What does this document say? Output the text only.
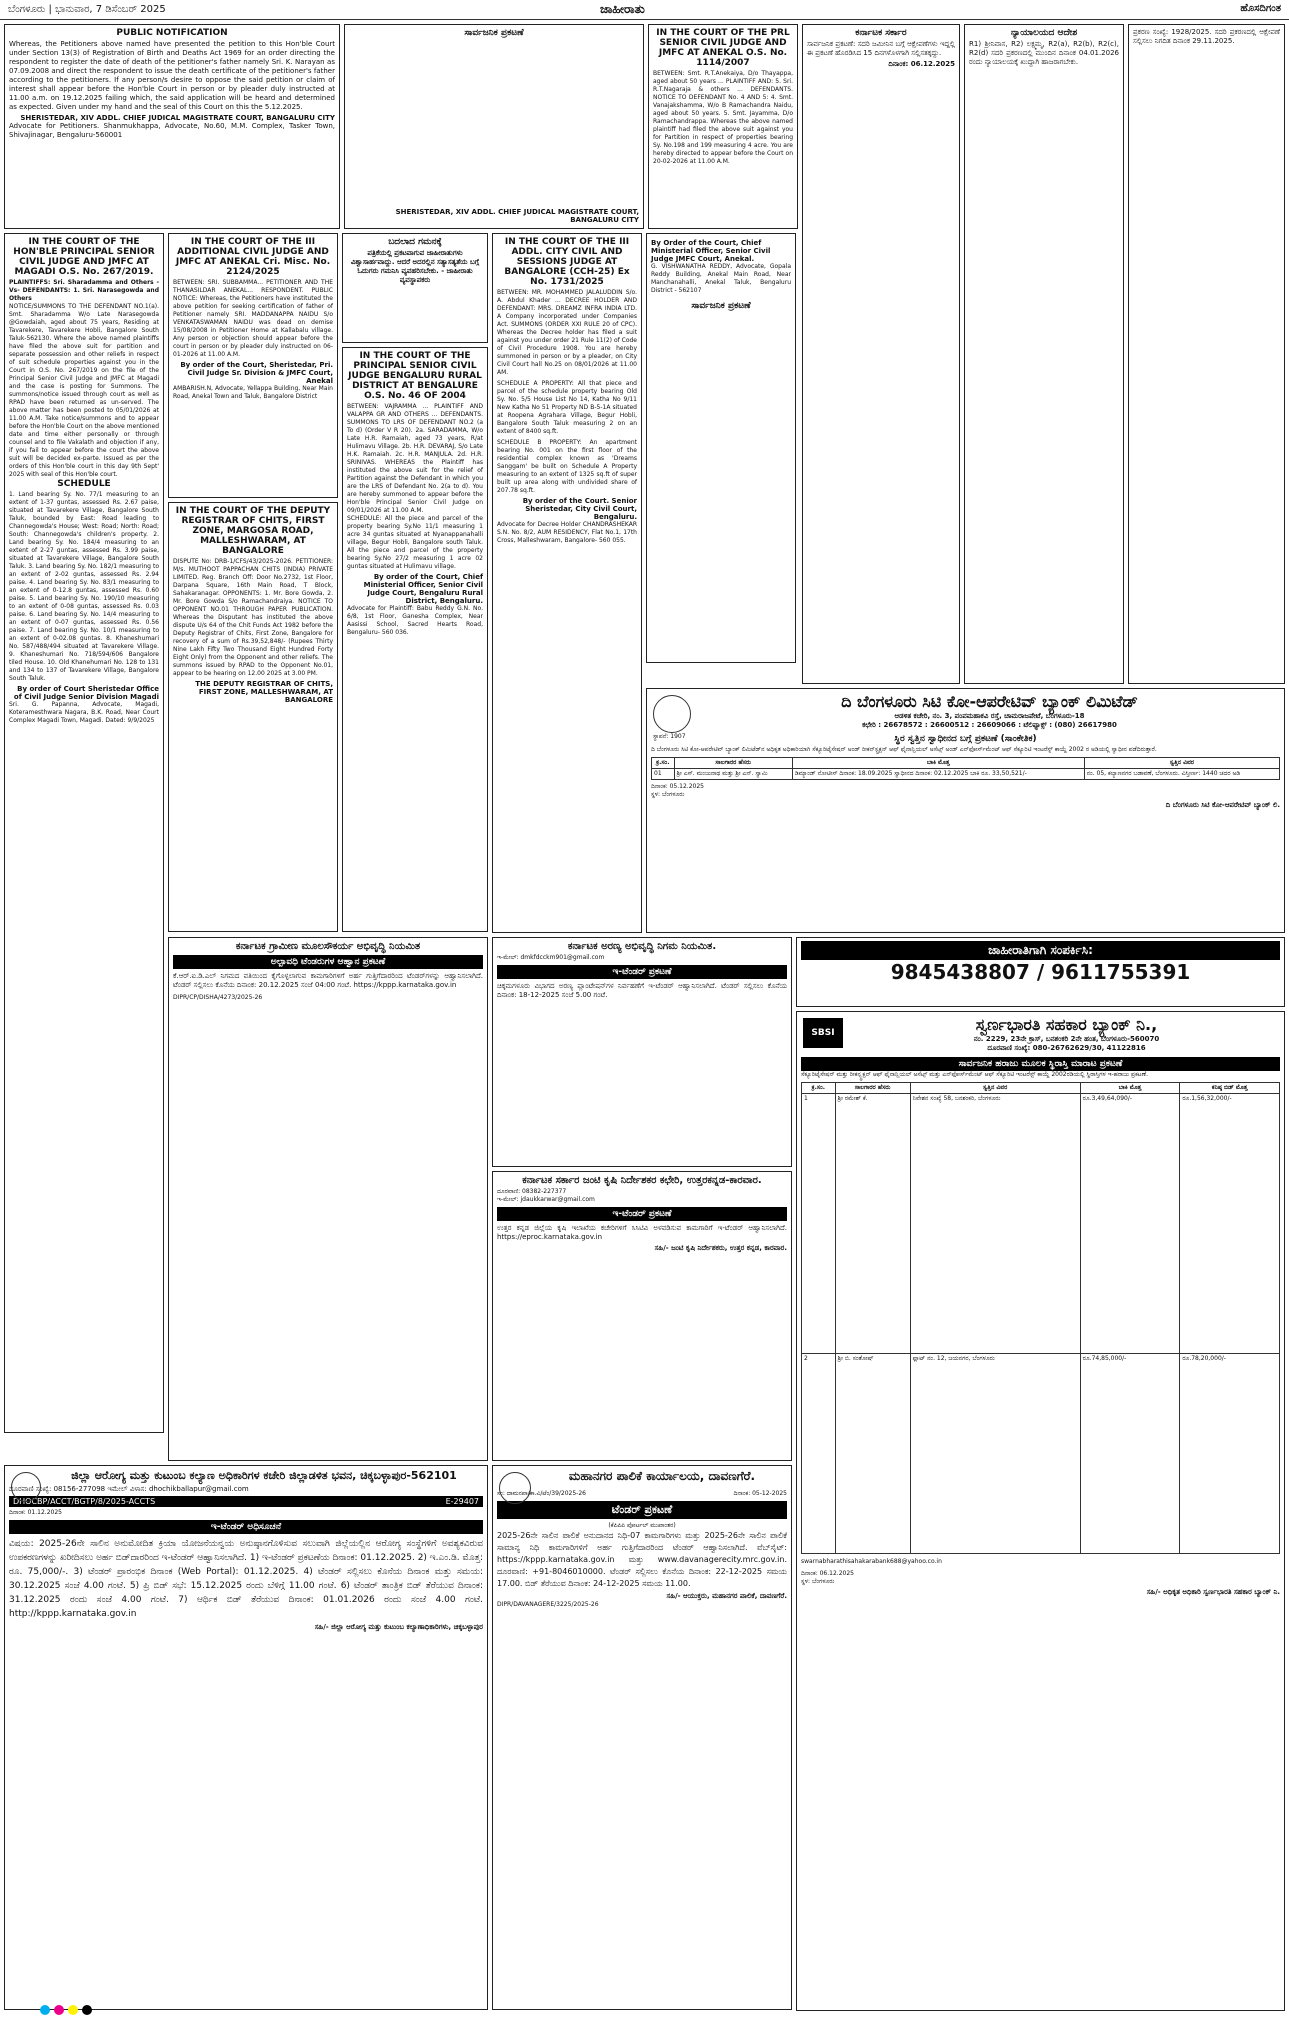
ಬೆಂಗಳೂರು | ಭಾನುವಾರ, 7 ಡಿಸೆಂಬರ್ 2025	ಜಾಹೀರಾತು	ಹೊಸದಿಗಂತ
PUBLIC NOTIFICATION
Whereas, the Petitioners above named have presented the petition to this Hon'ble Court under Section 13(3) of Registration of Birth and Deaths Act 1969 for an order directing the respondent to register the date of death of the petitioner's father namely Sri. K. Narayan as 07.09.2008 and direct the respondent to issue the death certificate of the petitioner's father according to the petitioners. If any person/s desire to oppose the said petition or claim of interest shall appear before the Hon'ble Court in person or by pleader duly instructed at 11.00 a.m. on 19.12.2025 failing which, the said application will be heard and determined as expected. Given under my hand and the seal of this Court on this the 5.12.2025.
SHERISTEDAR, XIV ADDL. CHIEF JUDICAL MAGISTRATE COURT, BANGALURU CITY
Advocate for Petitioners. Shanmukhappa, Advocate, No.60, M.M. Complex, Tasker Town, Shivajinagar, Bengaluru-560001
IN THE COURT OF THE HON'BLE PRINCIPAL SENIOR CIVIL JUDGE AND JMFC AT MAGADI O.S. No. 267/2019.
PLAINTIFFS: Sri. Sharadamma and Others -Vs- DEFENDANTS: 1. Sri. Narasegowda and Others
NOTICE/SUMMONS TO THE DEFENDANT NO.1(a). Smt. Sharadamma W/o Late Narasegowda @Gowdaiah, aged about 75 years, Residing at Tavarekere, Tavarekere Hobli, Bangalore South Taluk-562130. Where the above named plaintiffs have filed the above suit for partition and separate possession and other reliefs in respect of suit schedule properties against you in the Court in O.S. No. 267/2019 on the file of the Principal Senior Civil Judge and JMFC at Magadi and the case is posting for Summons. The summons/notice issued through court as well as RPAD have been returned as un-served. The above matter has been posted to 05/01/2026 at 11.00 A.M. Take notice/summons and to appear before the Hon'ble Court on the above mentioned date and time either personally or through counsel and to file Vakalath and objection if any, if you fail to appear before the court the above suit will be decided ex-parte. Issued as per the orders of this Hon'ble court in this day 9th Sept' 2025 with seal of this Hon'ble court.
SCHEDULE
1. Land bearing Sy. No. 77/1 measuring to an extent of 1-37 guntas, assessed Rs. 2.67 paise, situated at Tavarekere Village, Bangalore South Taluk, bounded by East: Road leading to Channegowda's House; West: Road; North: Road; South: Channegowda's children's property. 2. Land bearing Sy. No. 184/4 measuring to an extent of 2-27 guntas, assessed Rs. 3.99 paise, situated at Tavarekere Village, Bangalore South Taluk. 3. Land bearing Sy. No. 182/1 measuring to an extent of 2-02 guntas, assessed Rs. 2.94 paise. 4. Land bearing Sy. No. 83/1 measuring to an extent of 0-12.8 guntas, assessed Rs. 0.60 paise. 5. Land bearing Sy. No. 190/10 measuring to an extent of 0-08 guntas, assessed Rs. 0.03 paise. 6. Land bearing Sy. No. 14/4 measuring to an extent of 0-07 guntas, assessed Rs. 0.56 paise. 7. Land bearing Sy. No. 10/1 measuring to an extent of 0-02.08 guntas. 8. Khaneshumari No. 587/488/494 situated at Tavarekere Village. 9. Khaneshumari No. 718/594/606 Bangalore tiled House. 10. Old Khanehumari No. 128 to 131 and 134 to 137 of Tavarekere Village, Bangalore South Taluk.
By order of Court Sheristedar Office of Civil Judge Senior Division Magadi
Sri. G. Papanna, Advocate, Magadi, Koteramesthwara Nagara, B.K. Road, Near Court Complex Magadi Town, Magadi. Dated: 9/9/2025
ಸಾರ್ವಜನಿಕ ಪ್ರಕಟಣೆ
SHERISTEDAR, XIV ADDL. CHIEF JUDICAL MAGISTRATE COURT, BANGALURU CITY
IN THE COURT OF THE III ADDITIONAL CIVIL JUDGE AND JMFC AT ANEKAL Cri. Misc. No. 2124/2025
BETWEEN: SRI. SUBBAMMA... PETITIONER AND THE THANASILDAR ANEKAL... RESPONDENT. PUBLIC NOTICE: Whereas, the Petitioners have instituted the above petition for seeking certification of father of Petitioner namely SRI. MADDANAPPA NAIDU S/o VENKATASWAMAN NAIDU was dead on demise 15/08/2008 in Petitioner Home at Kallabalu village. Any person or objection should appear before the court in person or by pleader duly instructed on 06-01-2026 at 11.00 A.M.
By order of the Court, Sheristedar, Pri. Civil Judge Sr. Division & JMFC Court, Anekal
AMBARISH.N, Advocate, Yellappa Building, Near Main Road, Anekal Town and Taluk, Bangalore District
ಬದಲಾದ ಗಮನಕ್ಕೆ
ಪತ್ರಿಕೆಯಲ್ಲಿ ಪ್ರಕಟವಾಗುವ ಜಾಹೀರಾತುಗಳು ವಿಶ್ವಾಸಾರ್ಹವಾದ್ದು. ಆದರೆ ಅದರಲ್ಲಿನ ಸತ್ಯಾಸತ್ಯತೆಯ ಬಗ್ಗೆ ಓದುಗರು ಗಮನಿಸಿ ವ್ಯವಹರಿಸಬೇಕು. - ಜಾಹೀರಾತು ವ್ಯವಸ್ಥಾಪಕರು
IN THE COURT OF THE DEPUTY REGISTRAR OF CHITS, FIRST ZONE, MARGOSA ROAD, MALLESHWARAM, AT BANGALORE
DISPUTE No: DRB-1/CFS/43/2025-2026. PETITIONER: M/s. MUTHOOT PAPPACHAN CHITS (INDIA) PRIVATE LIMITED. Reg. Branch Off: Door No.2732, 1st Floor, Darpana Square, 16th Main Road, T Block, Sahakaranagar. OPPONENTS: 1. Mr. Bore Gowda, 2. Mr. Bore Gowda S/o Ramachandraiya. NOTICE TO OPPONENT NO.01 THROUGH PAPER PUBLICATION. Whereas the Disputant has instituted the above dispute U/s 64 of the Chit Funds Act 1982 before the Deputy Registrar of Chits, First Zone, Bangalore for recovery of a sum of Rs.39,52,848/- (Rupees Thirty Nine Lakh Fifty Two Thousand Eight Hundred Forty Eight Only) from the Opponent and other reliefs. The summons issued by RPAD to the Opponent No.01, appear to be hearing on 12.00 2025 at 3.00 PM.
THE DEPUTY REGISTRAR OF CHITS, FIRST ZONE, MALLESHWARAM, AT BANGALORE
IN THE COURT OF THE PRINCIPAL SENIOR CIVIL JUDGE BENGALURU RURAL DISTRICT AT BENGALURE O.S. No. 46 OF 2004
BETWEEN: VAJRAMMA ... PLAINTIFF AND VALAPPA GR AND OTHERS ... DEFENDANTS. SUMMONS TO LRS OF DEFENDANT NO.2 (a To d) (Order V R 20). 2a. SARADAMMA, W/o Late H.R. Ramaiah, aged 73 years, R/at Hulimavu Village. 2b. H.R. DEVARAJ, S/o Late H.K. Ramaiah. 2c. H.R. MANJULA. 2d. H.R. SRINIVAS. WHEREAS the Plaintiff has instituted the above suit for the relief of Partition against the Defendant in which you are the LRS of Defendant No. 2(a to d). You are hereby summoned to appear before the Hon'ble Principal Senior Civil Judge on 09/01/2026 at 11.00 A.M.
SCHEDULE: All the piece and parcel of the property bearing Sy.No 11/1 measuring 1 acre 34 guntas situated at Nyanappanahalli village, Begur Hobli, Bangalore south Taluk. All the piece and parcel of the property bearing Sy.No 27/2 measuring 1 acre 02 guntas situated at Hulimavu village.
By order of the Court, Chief Ministerial Officer, Senior Civil Judge Court, Bengaluru Rural District, Bengaluru.
Advocate for Plaintiff: Babu Reddy G.N. No. 6/8, 1st Floor, Ganesha Complex, Near Aasissi School, Sacred Hearts Road, Bengaluru- 560 036.
IN THE COURT OF THE PRL SENIOR CIVIL JUDGE AND JMFC AT ANEKAL O.S. No. 1114/2007
BETWEEN: Smt. R.T.Anekaiya, D/o Thayappa, aged about 50 years ... PLAINTIFF AND: 5. Sri. R.T.Nagaraja & others ... DEFENDANTS. NOTICE TO DEFENDANT No. 4 AND 5: 4. Smt. Vanajakshamma, W/o B Ramachandra Naidu, aged about 50 years. 5. Smt. Jayamma, D/o Ramachandrappa. Whereas the above named plaintiff had filed the above suit against you for Partition in respect of properties bearing Sy. No.198 and 199 measuring 4 acre. You are hereby directed to appear before the Court on 20-02-2026 at 11.00 A.M.
IN THE COURT OF THE III ADDL. CITY CIVIL AND SESSIONS JUDGE AT BANGALORE (CCH-25) Ex No. 1731/2025
BETWEEN: MR. MOHAMMED JALALUDDIN S/o. A. Abdul Khader ... DECREE HOLDER AND DEFENDANT: MRS. DREAMZ INFRA INDIA LTD. A Company incorporated under Companies Act. SUMMONS (ORDER XXI RULE 20 of CPC). Whereas the Decree holder has filed a suit against you under order 21 Rule 11(2) of Code of Civil Procedure 1908. You are hereby summoned in person or by a pleader, on City Civil Court hall No.25 on 08/01/2026 at 11.00 AM.
SCHEDULE A PROPERTY: All that piece and parcel of the schedule property bearing Old Sy. No. 5/5 House List No 14, Katha No 9/11 New Katha No 51 Property ND B-5-1A situated at Roopena Agrahara Village, Begur Hobli, Bangalore South Taluk measuring 2 on an extent of 8400 sq.ft.
SCHEDULE B PROPERTY: An apartment bearing No. 001 on the first floor of the residential complex known as 'Dreams Sanggam' be built on Schedule A Property measuring to an extent of 1325 sq.ft of super built up area along with undivided share of 207.78 sq.ft.
By order of the Court. Senior Sheristedar, City Civil Court, Bengaluru.
Advocate for Decree Holder CHANDRASHEKAR S.N. No. 8/2, AUM RESIDENCY, Flat No.1, 17th Cross, Malleshwaram, Bangalore- 560 055.
By Order of the Court, Chief Ministerial Officer, Senior Civil Judge JMFC Court, Anekal.
G. VISHWANATHA REDDY, Advocate, Gopala Reddy Building, Anekal Main Road, Near Manchanahalli, Anekal Taluk, Bengaluru District - 562107
ಸಾರ್ವಜನಿಕ ಪ್ರಕಟಣೆ
ಕರ್ನಾಟಕ ಸರ್ಕಾರ
ಸಾರ್ವಜನಿಕ ಪ್ರಕಟಣೆ: ಸದರಿ ಜಮೀನಿನ ಬಗ್ಗೆ ಆಕ್ಷೇಪಣೆಗಳು ಇದ್ದಲ್ಲಿ ಈ ಪ್ರಕಟಣೆ ಹೊರಡಿಸಿದ 15 ದಿನಗಳೊಳಗಾಗಿ ಸಲ್ಲಿಸತಕ್ಕದ್ದು.
ದಿನಾಂಕ: 06.12.2025
ನ್ಯಾಯಾಲಯದ ಆದೇಶ
R1) ಶ್ರೀನಿವಾಸ, R2) ಲಕ್ಷ್ಮಮ್ಮ, R2(a), R2(b), R2(c), R2(d) ಸದರಿ ಪ್ರಕರಣದಲ್ಲಿ ಮುಂದಿನ ದಿನಾಂಕ 04.01.2026 ರಂದು ನ್ಯಾಯಾಲಯಕ್ಕೆ ಖುದ್ದಾಗಿ ಹಾಜರಾಗಬೇಕು.
ಪ್ರಕರಣ ಸಂಖ್ಯೆ: 1928/2025. ಸದರಿ ಪ್ರಕರಣದಲ್ಲಿ ಆಕ್ಷೇಪಣೆ ಸಲ್ಲಿಸಲು ನಿಗದಿತ ದಿನಾಂಕ 29.11.2025.
ಸ್ಥಾಪನೆ: 1907
ದಿ ಬೆಂಗಳೂರು ಸಿಟಿ ಕೋ-ಆಪರೇಟಿವ್ ಬ್ಯಾಂಕ್ ಲಿಮಿಟೆಡ್
ಆಡಳಿತ ಕಚೇರಿ, ನಂ. 3, ಪಂಪಮಹಾಕವಿ ರಸ್ತೆ, ಚಾಮರಾಜಪೇಟೆ, ಬೆಂಗಳೂರು-18
ಕಛೇರಿ : 26678572 : 26600512 : 26609066 : ಟೆಲಿಫ್ಯಾಕ್ಸ್ : (080) 26617980
ಸ್ಥಿರ ಸ್ವತ್ತಿನ ಸ್ವಾಧೀನದ ಬಗ್ಗೆ ಪ್ರಕಟಣೆ (ಸಾಂಕೇತಿಕ)
ದಿ ಬೆಂಗಳೂರು ಸಿಟಿ ಕೋ-ಆಪರೇಟಿವ್ ಬ್ಯಾಂಕ್ ಲಿಮಿಟೆಡ್‌ನ ಅಧಿಕೃತ ಅಧಿಕಾರಿಯಾಗಿ ಸೆಕ್ಯೂರಿಟೈಸೇಷನ್ ಅಂಡ್ ರೀಕನ್‌ಸ್ಟ್ರಕ್ಷನ್ ಆಫ್ ಫೈನಾನ್ಷಿಯಲ್ ಅಸೆಟ್ಸ್ ಅಂಡ್ ಎನ್‌ಫೋರ್ಸ್‌ಮೆಂಟ್ ಆಫ್ ಸೆಕ್ಯೂರಿಟಿ ಇಂಟರೆಸ್ಟ್ ಕಾಯ್ದೆ 2002 ರ ಅಡಿಯಲ್ಲಿ ಸ್ವಾಧೀನ ಪಡೆದಿರುತ್ತಾರೆ.
ಕ್ರ.ಸಂ.	ಸಾಲಗಾರರ ಹೆಸರು	ಬಾಕಿ ಮೊತ್ತ	ಸ್ವತ್ತಿನ ವಿವರ
01	ಶ್ರೀ ಎಸ್. ಮಂಜುನಾಥ ಮತ್ತು ಶ್ರೀ ಎನ್. ಸ್ವಾಮಿ	ಡಿಮ್ಯಾಂಡ್ ನೋಟೀಸ್ ದಿನಾಂಕ: 18.09.2025 ಸ್ವಾಧೀನದ ದಿನಾಂಕ: 02.12.2025 ಬಾಕಿ ರೂ. 33,50,521/-	ನಂ. 05, ಕಲ್ಯಾಣನಗರ ಬಡಾವಣೆ, ಬೆಂಗಳೂರು. ವಿಸ್ತೀರ್ಣ: 1440 ಚದರ ಅಡಿ
ದಿನಾಂಕ: 05.12.2025
ಸ್ಥಳ: ಬೆಂಗಳೂರು
ದಿ ಬೆಂಗಳೂರು ಸಿಟಿ ಕೋ-ಆಪರೇಟಿವ್ ಬ್ಯಾಂಕ್ ಲಿ.
ಕರ್ನಾಟಕ ಅರಣ್ಯ ಅಭಿವೃದ್ಧಿ ನಿಗಮ ನಿಯಮಿತ.
ಇ-ಮೇಲ್: dmkfdcckm901@gmail.com
ಇ-ಟೆಂಡರ್ ಪ್ರಕಟಣೆ
ಚಿಕ್ಕಮಗಳೂರು ವಿಭಾಗದ ಅರಣ್ಯ ಪ್ಲಾಂಟೇಷನ್‌ಗಳ ನಿರ್ವಹಣೆಗೆ ಇ-ಟೆಂಡರ್ ಆಹ್ವಾನಿಸಲಾಗಿದೆ. ಟೆಂಡರ್ ಸಲ್ಲಿಸಲು ಕೊನೆಯ ದಿನಾಂಕ: 18-12-2025 ಸಂಜೆ 5.00 ಗಂಟೆ.
ಕರ್ನಾಟಕ ಸರ್ಕಾರ ಜಂಟಿ ಕೃಷಿ ನಿರ್ದೇಶಕರ ಕಛೇರಿ, ಉತ್ತರಕನ್ನಡ-ಕಾರವಾರ.
ದೂರವಾಣಿ: 08382-227377
ಇ-ಮೇಲ್: jdaukkarwar@gmail.com
ಇ-ಟೆಂಡರ್ ಪ್ರಕಟಣೆ
ಉತ್ತರ ಕನ್ನಡ ಜಿಲ್ಲೆಯ ಕೃಷಿ ಇಲಾಖೆಯ ಕಚೇರಿಗಳಿಗೆ ಸಿಸಿಟಿವಿ ಅಳವಡಿಸುವ ಕಾಮಗಾರಿಗೆ ಇ-ಟೆಂಡರ್ ಆಹ್ವಾನಿಸಲಾಗಿದೆ. https://eproc.karnataka.gov.in
ಸಹಿ/- ಜಂಟಿ ಕೃಷಿ ನಿರ್ದೇಶಕರು, ಉತ್ತರ ಕನ್ನಡ, ಕಾರವಾರ.
ಕರ್ನಾಟಕ ಗ್ರಾಮೀಣ ಮೂಲಸೌಕರ್ಯ ಅಭಿವೃದ್ಧಿ ನಿಯಮಿತ
ಅಲ್ಪಾವಧಿ ಟೆಂಡರುಗಳ ಆಹ್ವಾನ ಪ್ರಕಟಣೆ
ಕೆ.ಆರ್.ಐ.ಡಿ.ಎಲ್ ನಿಗಮದ ವತಿಯಿಂದ ಕೈಗೊಳ್ಳಲಾಗುವ ಕಾಮಗಾರಿಗಳಿಗೆ ಅರ್ಹ ಗುತ್ತಿಗೆದಾರರಿಂದ ಟೆಂಡರ್‌ಗಳನ್ನು ಆಹ್ವಾನಿಸಲಾಗಿದೆ. ಟೆಂಡರ್ ಸಲ್ಲಿಸಲು ಕೊನೆಯ ದಿನಾಂಕ: 20.12.2025 ಸಂಜೆ 04:00 ಗಂಟೆ. https://kppp.karnataka.gov.in
DIPR/CP/DISHA/4273/2025-26
ಜಾಹೀರಾತಿಗಾಗಿ ಸಂಪರ್ಕಿಸಿ:
9845438807 / 9611755391
SBSI	ಸ್ವರ್ಣಭಾರತಿ ಸಹಕಾರ ಬ್ಯಾಂಕ್ ನಿ.,
ನಂ. 2229, 23ನೇ ಕ್ರಾಸ್, ಬನಶಂಕರಿ 2ನೇ ಹಂತ, ಬೆಂಗಳೂರು-560070
ದೂರವಾಣಿ ಸಂಖ್ಯೆ: 080-26762629/30, 41122816
ಸಾರ್ವಜನಿಕ ಹರಾಜು ಮೂಲಕ ಸ್ಥಿರಾಸ್ತಿ ಮಾರಾಟ ಪ್ರಕಟಣೆ
ಸೆಕ್ಯೂರಿಟೈಸೇಷನ್ ಮತ್ತು ರೀಕನ್ಸ್ಟ್ರಕ್ಷನ್ ಆಫ್ ಫೈನಾನ್ಷಿಯಲ್ ಅಸೆಟ್ಸ್ ಮತ್ತು ಎನ್‌ಫೋರ್ಸ್‌ಮೆಂಟ್ ಆಫ್ ಸೆಕ್ಯೂರಿಟಿ ಇಂಟರೆಸ್ಟ್ ಕಾಯ್ದೆ 2002ರಡಿಯಲ್ಲಿ ಸ್ಥಿರಾಸ್ತಿಗಳ ಇ-ಹರಾಜು ಪ್ರಕಟಣೆ.
ಕ್ರ.ಸಂ.	ಸಾಲಗಾರರ ಹೆಸರು	ಸ್ವತ್ತಿನ ವಿವರ	ಬಾಕಿ ಮೊತ್ತ	ಕನಿಷ್ಠ ಬಿಡ್ ಮೊತ್ತ
1	ಶ್ರೀ ರಮೇಶ್ ಕೆ.	ನಿವೇಶನ ಸಂಖ್ಯೆ 58, ಬನಶಂಕರಿ, ಬೆಂಗಳೂರು	ರೂ.3,49,64,090/-	ರೂ.1,56,32,000/-
2	ಶ್ರೀ ಬಿ. ಸಂತೋಷ್	ಫ್ಲಾಟ್ ನಂ. 12, ಜಯನಗರ, ಬೆಂಗಳೂರು	ರೂ.74,85,000/-	ರೂ.78,20,000/-
swarnabharathisahakarabank688@yahoo.co.in
ದಿನಾಂಕ: 06.12.2025
ಸ್ಥಳ: ಬೆಂಗಳೂರು
ಸಹಿ/- ಅಧಿಕೃತ ಅಧಿಕಾರಿ ಸ್ವರ್ಣಭಾರತಿ ಸಹಕಾರ ಬ್ಯಾಂಕ್ ನಿ.
ಜಿಲ್ಲಾ ಆರೋಗ್ಯ ಮತ್ತು ಕುಟುಂಬ ಕಲ್ಯಾಣ ಅಧಿಕಾರಿಗಳ ಕಚೇರಿ ಜಿಲ್ಲಾಡಳಿತ ಭವನ, ಚಿಕ್ಕಬಳ್ಳಾಪುರ-562101
ದೂರವಾಣಿ ಸಂಖ್ಯೆ: 08156-277098 ಇಮೇಲ್ ವಿಳಾಸ: dhochikballapur@gmail.com
DHOCBP/ACCT/BGTP/8/2025-ACCTS	E-29407
ದಿನಾಂಕ: 01.12.2025
ಇ-ಟೆಂಡರ್ ಅಧಿಸೂಚನೆ
ವಿಷಯ: 2025-26ನೇ ಸಾಲಿನ ಅನುಮೋದಿತ ಕ್ರಿಯಾ ಯೋಜನೆಯನ್ವಯ ಅನುಷ್ಠಾನಗೊಳಿಸುವ ಸಲುವಾಗಿ ಜಿಲ್ಲೆಯಲ್ಲಿನ ಆರೋಗ್ಯ ಸಂಸ್ಥೆಗಳಿಗೆ ಅವಶ್ಯಕವಿರುವ ಉಪಕರಣಗಳನ್ನು ಖರೀದಿಸಲು ಅರ್ಹ ಬಿಡ್‌ದಾರರಿಂದ ಇ-ಟೆಂಡರ್ ಆಹ್ವಾನಿಸಲಾಗಿದೆ. 1) ಇ-ಟೆಂಡರ್ ಪ್ರಕಟಣೆಯ ದಿನಾಂಕ: 01.12.2025. 2) ಇ.ಎಂ.ಡಿ. ಮೊತ್ತ: ರೂ. 75,000/-. 3) ಟೆಂಡರ್ ಪ್ರಾರಂಭಿಕ ದಿನಾಂಕ (Web Portal): 01.12.2025. 4) ಟೆಂಡರ್ ಸಲ್ಲಿಸಲು ಕೊನೆಯ ದಿನಾಂಕ ಮತ್ತು ಸಮಯ: 30.12.2025 ಸಂಜೆ 4.00 ಗಂಟೆ. 5) ಪ್ರಿ ಬಿಡ್ ಸಭೆ: 15.12.2025 ರಂದು ಬೆಳಿಗ್ಗೆ 11.00 ಗಂಟೆ. 6) ಟೆಂಡರ್ ತಾಂತ್ರಿಕ ಬಿಡ್ ತೆರೆಯುವ ದಿನಾಂಕ: 31.12.2025 ರಂದು ಸಂಜೆ 4.00 ಗಂಟೆ. 7) ಆರ್ಥಿಕ ಬಿಡ್ ತೆರೆಯುವ ದಿನಾಂಕ: 01.01.2026 ರಂದು ಸಂಜೆ 4.00 ಗಂಟೆ. http://kppp.karnataka.gov.in
ಸಹಿ/- ಜಿಲ್ಲಾ ಆರೋಗ್ಯ ಮತ್ತು ಕುಟುಂಬ ಕಲ್ಯಾಣಾಧಿಕಾರಿಗಳು, ಚಿಕ್ಕಬಳ್ಳಾಪುರ
ಮಹಾನಗರ ಪಾಲಿಕೆ ಕಾರ್ಯಾಲಯ, ದಾವಣಗೆರೆ.
ಸಂ: ದಾಮನಪಾ/ಕಾ.ವಿ/ಟೆಂ/39/2025-26	ದಿನಾಂಕ: 05-12-2025
ಟೆಂಡರ್ ಪ್ರಕಟಣೆ
(ಕೆಪಿಪಿಪಿ ಪೋರ್ಟಲ್ ಮುಖಾಂತರ)
2025-26ನೇ ಸಾಲಿನ ಪಾಲಿಕೆ ಅನುದಾನದ ನಿಧಿ-07 ಕಾಮಗಾರಿಗಳು ಮತ್ತು 2025-26ನೇ ಸಾಲಿನ ಪಾಲಿಕೆ ಸಾಮಾನ್ಯ ನಿಧಿ ಕಾಮಗಾರಿಗಳಿಗೆ ಅರ್ಹ ಗುತ್ತಿಗೆದಾರರಿಂದ ಟೆಂಡರ್ ಆಹ್ವಾನಿಸಲಾಗಿದೆ. ವೆಬ್‌ಸೈಟ್: https://kppp.karnataka.gov.in ಮತ್ತು www.davanagerecity.mrc.gov.in. ದೂರವಾಣಿ: +91-8046010000. ಟೆಂಡರ್ ಸಲ್ಲಿಸಲು ಕೊನೆಯ ದಿನಾಂಕ: 22-12-2025 ಸಮಯ 17.00. ಬಿಡ್ ತೆರೆಯುವ ದಿನಾಂಕ: 24-12-2025 ಸಮಯ 11.00.
ಸಹಿ/- ಆಯುಕ್ತರು, ಮಹಾನಗರ ಪಾಲಿಕೆ, ದಾವಣಗೆರೆ.
DIPR/DAVANAGERE/3225/2025-26
